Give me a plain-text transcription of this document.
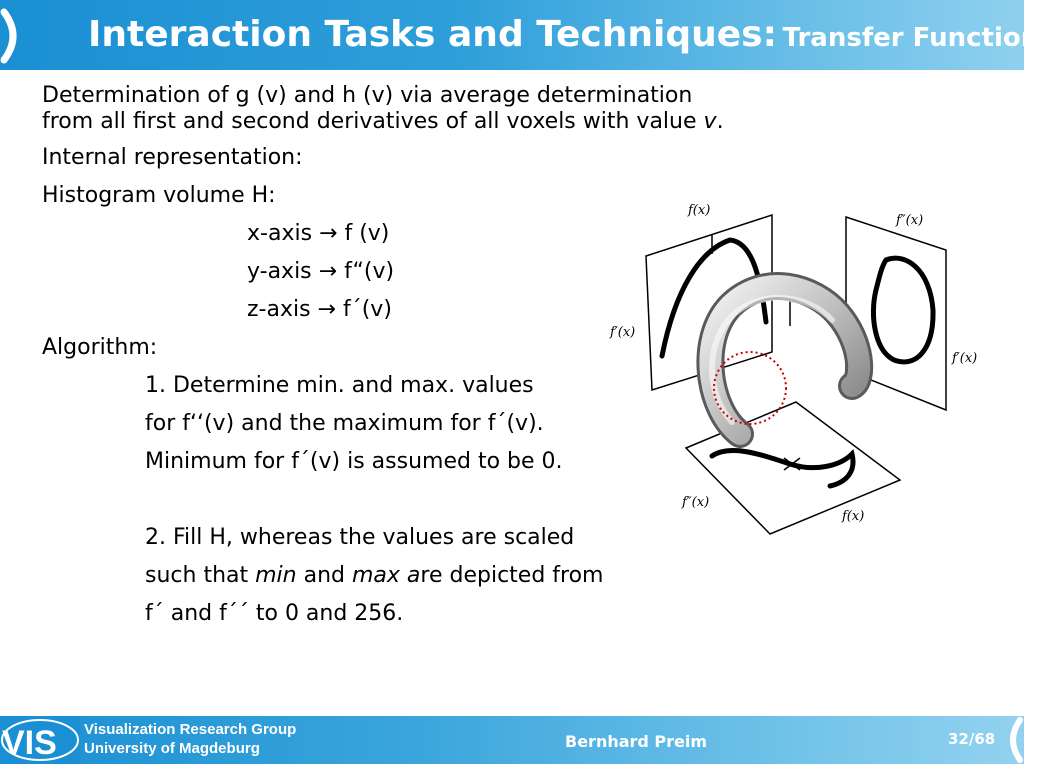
Interaction Tasks and Techniques: Transfer Functions

Determination of g (v) and h (v) via average determination from all first and second derivatives of all voxels with value v.

Internal representation:
Histogram volume H:
x-axis → f (v)
y-axis → f“(v)
z-axis → f´(v)
Algorithm:
1. Determine min. and max. values
for f‘‘(v) and the maximum for f´(v).
Minimum for f´(v) is assumed to be 0.
2. Fill H, whereas the values are scaled
such that min and max are depicted from
f´ and f´´ to 0 and 256.
f(x)
f′(x)
f″(x)
f′(x)
f″(x)
f(x)
VIS Visualization Research Group
University of Magdeburg	Bernhard Preim	32/68
